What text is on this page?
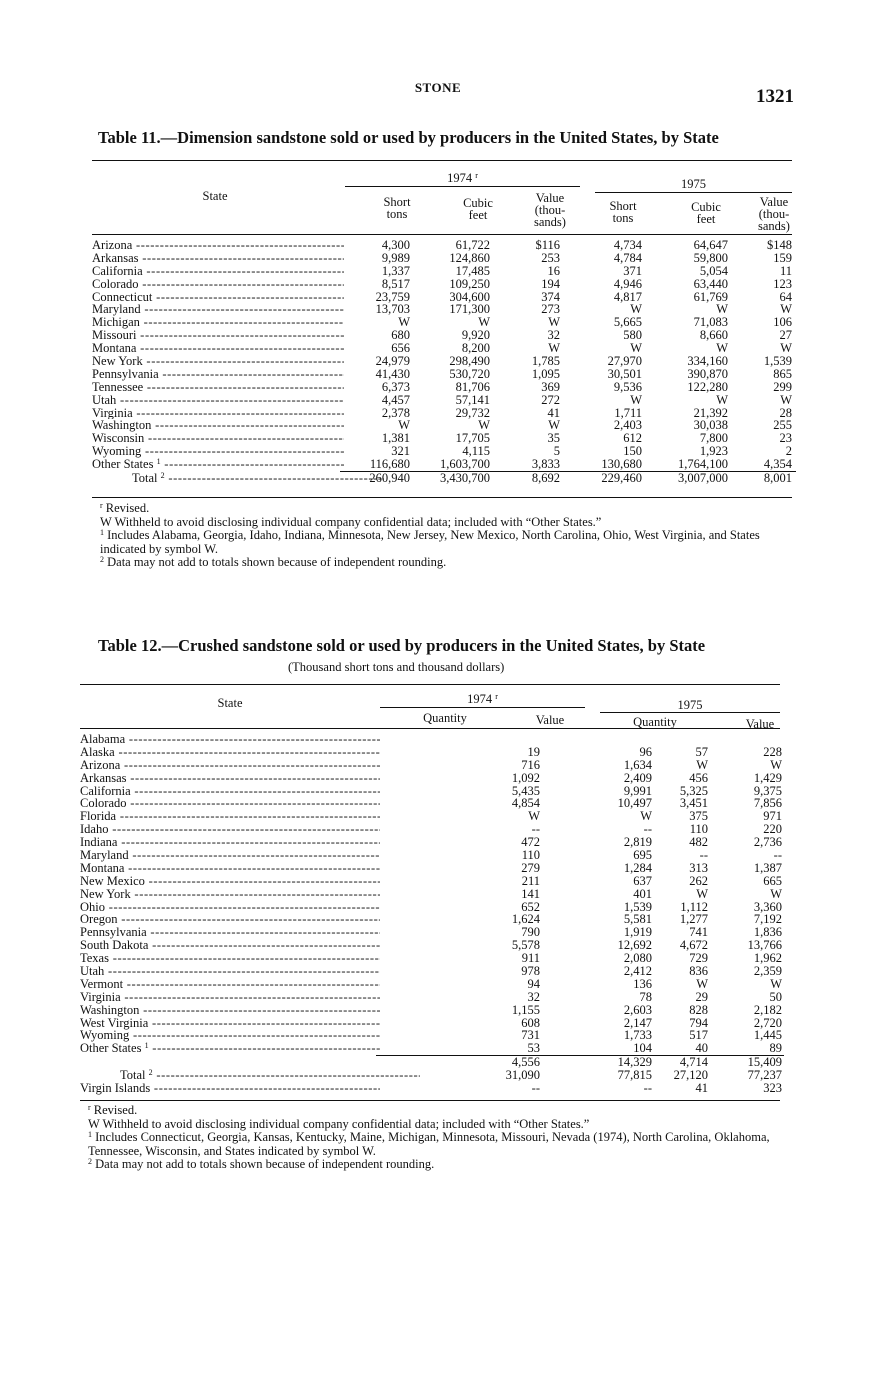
STONE	1321
Table 11.—Dimension sandstone sold or used by producers in the United States, by State
State
1974 $^r$
1975
Short
tons
Cubic
feet
Value
(thou-
sands)
Short
tons
Cubic
feet
Value
(thou-
sands)
Arizona -----	4,300	61,722	$116	4,734	64,647	$148
Arkansas -----	9,989	124,860	253	4,784	59,800	159
California -----	1,337	17,485	16	371	5,054	11
Colorado -----	8,517	109,250	194	4,946	63,440	123
Connecticut -----	23,759	304,600	374	4,817	61,769	64
Maryland -----	13,703	171,300	273	W	W	W
Michigan -----	W	W	W	5,665	71,083	106
Missouri -----	680	9,920	32	580	8,660	27
Montana -----	656	8,200	W	W	W	W
New York -----	24,979	298,490	1,785	27,970	334,160	1,539
Pennsylvania -----	41,430	530,720	1,095	30,501	390,870	865
Tennessee -----	6,373	81,706	369	9,536	122,280	299
Utah -----	4,457	57,141	272	W	W	W
Virginia -----	2,378	29,732	41	1,711	21,392	28
Washington -----	W	W	W	2,403	30,038	255
Wisconsin -----	1,381	17,705	35	612	7,800	23
Wyoming -----	321	4,115	5	150	1,923	2
Other States $^1$ -----	116,680 1,603,700	3,833	130,680	1,764,100	4,354
Total $^2$ -----	260,940 3,430,700	8,692	229,460	3,007,000	8,001

$^r$ Revised.

W Withheld to avoid disclosing individual company confidential data; included with “Other States.”

$^1$ Includes Alabama, Georgia, Idaho, Indiana, Minnesota, New Jersey, New Mexico, North Carolina, Ohio, West Virginia, and States indicated by symbol W.

$^2$ Data may not add to totals shown because of independent rounding.

Table 12.—Crushed sandstone sold or used by producers in the United States, by State
(Thousand short tons and thousand dollars)
State	1974 $^r$
1975
Quantity	Value	Quantity	Value
Alabama -----
Alaska -----	19	96	57	228
Arizona -----	716	1,634	W	W
Arkansas -----	1,092	2,409	456	1,429
California -----	5,435	9,991 5,325	9,375
Colorado -----	4,854	10,497 3,451	7,856
Florida -----	W	W	375	971
Idaho -----	--	--	110	220
Indiana -----	472	2,819	482	2,736
Maryland -----	110	695	--	--
Montana -----	279	1,284	313	1,387
New Mexico -----	211	637	262	665
New York -----	141	401	W	W
Ohio -----	652	1,539 1,112	3,360
Oregon -----	1,624	5,581 1,277	7,192
Pennsylvania -----	790	1,919	741	1,836
South Dakota -----	5,578	12,692 4,672	13,766
Texas -----	911	2,080	729	1,962
Utah -----	978	2,412	836	2,359
Vermont -----	94	136	W	W
Virginia -----	32	78	29	50
Washington -----	1,155	2,603	828	2,182
West Virginia -----	608	2,147	794	2,720
Wyoming -----	731	1,733	517	1,445
Other States $^1$ -----	53	104	40	89
4,556	14,329 4,714	15,409
Total $^2$ -----	31,090	77,815 27,120	77,237
Virgin Islands -----	--	--	41	323

$^r$ Revised.

W Withheld to avoid disclosing individual company confidential data; included with “Other States.”

$^1$ Includes Connecticut, Georgia, Kansas, Kentucky, Maine, Michigan, Minnesota, Missouri, Nevada (1974), North Carolina, Oklahoma, Tennessee, Wisconsin, and States indicated by symbol W.

$^2$ Data may not add to totals shown because of independent rounding.
